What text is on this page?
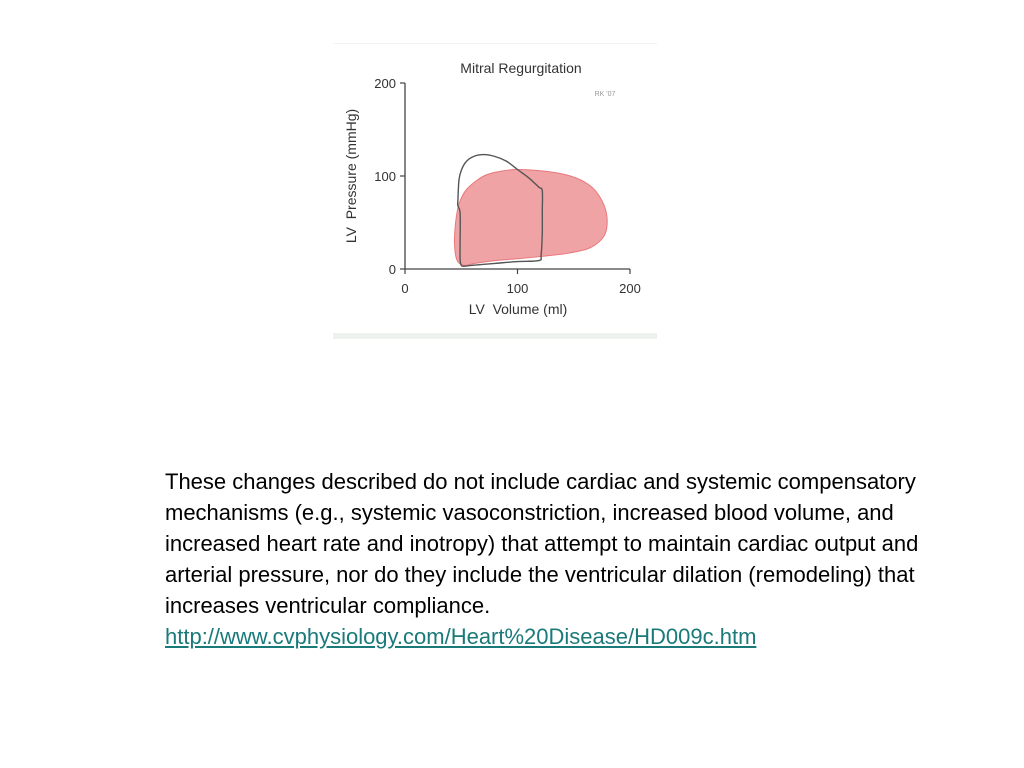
Mitral Regurgitation
RK '07
0	100	200
0
100
200
LV  Volume (ml)
LV  Pressure (mmHg)

These changes described do not include cardiac and systemic compensatory mechanisms (e.g., systemic vasoconstriction, increased blood volume, and increased heart rate and inotropy) that attempt to maintain cardiac output and arterial pressure, nor do they include the ventricular dilation (remodeling) that increases ventricular compliance.

http://www.cvphysiology.com/Heart%20Disease/HD009c.htm
